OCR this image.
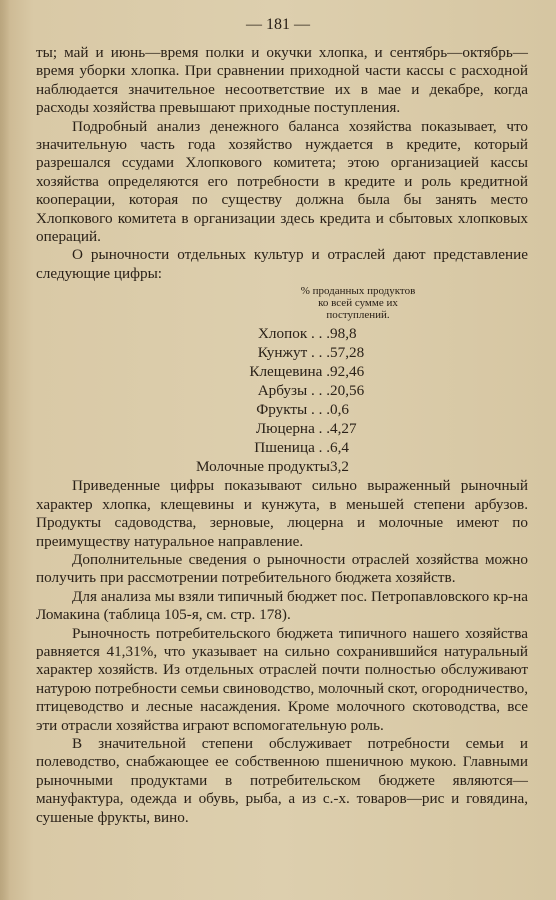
— 181 —

ты; май и июнь—время полки и окучки хлопка, и сентябрь—октябрь—время уборки хлопка. При сравнении приходной части кассы с расходной наблюдается значительное несоответствие их в мае и декабре, когда расходы хозяйства превышают приходные поступления.

Подробный анализ денежного баланса хозяйства показывает, что значительную часть года хозяйство нуждается в кредите, который разрешался ссудами Хлопкового комитета; этою организацией кассы хозяйства определяются его потребности в кредите и роль кредитной кооперации, которая по существу должна была бы занять место Хлопкового комитета в организации здесь кредита и сбытовых хлопковых операций.

О рыночности отдельных культур и отраслей дают представление следующие цифры:

% проданных продуктов ко всей сумме их поступлений.
Хлопок . . .	98,8
Кунжут . . .	57,28
Клещевина .	92,46
Арбузы . . .	20,56
Фрукты . . .	0,6
Люцерна . .	4,27
Пшеница . .	6,4
Молочные продукты	3,2

Приведенные цифры показывают сильно выраженный рыночный характер хлопка, клещевины и кунжута, в меньшей степени арбузов. Продукты садоводства, зерновые, люцерна и молочные имеют по преимуществу натуральное направление.

Дополнительные сведения о рыночности отраслей хозяйства можно получить при рассмотрении потребительного бюджета хозяйств.

Для анализа мы взяли типичный бюджет пос. Петропавловского кр-на Ломакина (таблица 105-я, см. стр. 178).

Рыночность потребительского бюджета типичного нашего хозяйства равняется 41,31%, что указывает на сильно сохранившийся натуральный характер хозяйств. Из отдельных отраслей почти полностью обслуживают натурою потребности семьи свиноводство, молочный скот, огородничество, птицеводство и лесные насаждения. Кроме молочного скотоводства, все эти отрасли хозяйства играют вспомогательную роль.

В значительной степени обслуживает потребности семьи и полеводство, снабжающее ее собственною пшеничною мукою. Главными рыночными продуктами в потребительском бюджете являются—мануфактура, одежда и обувь, рыба, а из с.-х. товаров—рис и говядина, сушеные фрукты, вино.
